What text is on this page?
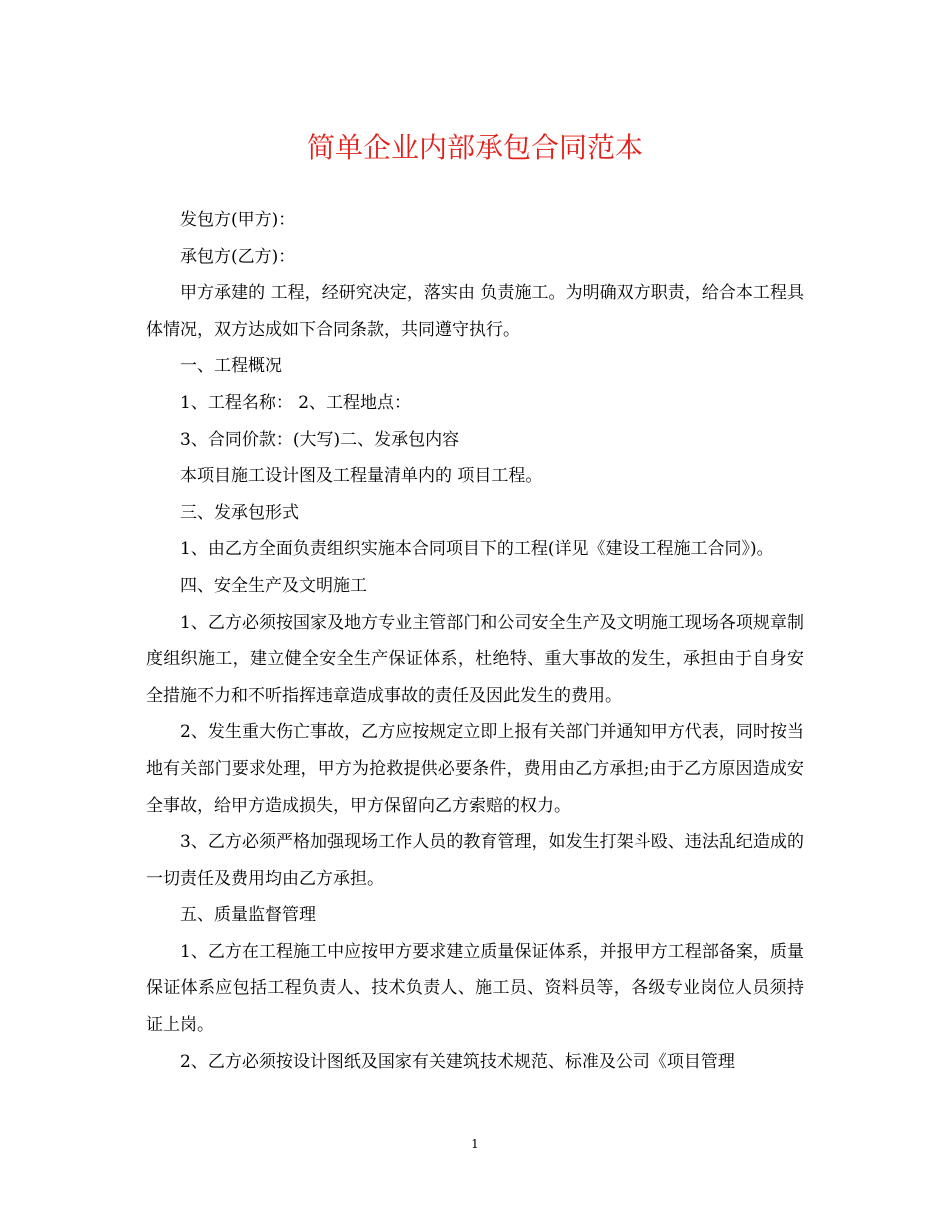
简单企业内部承包合同范本

发包方(甲方)：

承包方(乙方)：

甲方承建的 工程，经研究决定，落实由 负责施工。为明确双方职责，给合本工程具体情况，双方达成如下合同条款，共同遵守执行。

一、工程概况

1、工程名称： 2、工程地点：

3、合同价款：(大写)二、发承包内容

本项目施工设计图及工程量清单内的 项目工程。

三、发承包形式

1、由乙方全面负责组织实施本合同项目下的工程(详见《建设工程施工合同》)。

四、安全生产及文明施工

1、乙方必须按国家及地方专业主管部门和公司安全生产及文明施工现场各项规章制度组织施工，建立健全安全生产保证体系，杜绝特、重大事故的发生，承担由于自身安全措施不力和不听指挥违章造成事故的责任及因此发生的费用。

2、发生重大伤亡事故，乙方应按规定立即上报有关部门并通知甲方代表，同时按当地有关部门要求处理，甲方为抢救提供必要条件，费用由乙方承担;由于乙方原因造成安全事故，给甲方造成损失，甲方保留向乙方索赔的权力。

3、乙方必须严格加强现场工作人员的教育管理，如发生打架斗殴、违法乱纪造成的一切责任及费用均由乙方承担。

五、质量监督管理

1、乙方在工程施工中应按甲方要求建立质量保证体系，并报甲方工程部备案，质量保证体系应包括工程负责人、技术负责人、施工员、资料员等，各级专业岗位人员须持证上岗。

2、乙方必须按设计图纸及国家有关建筑技术规范、标准及公司《项目管理

1
